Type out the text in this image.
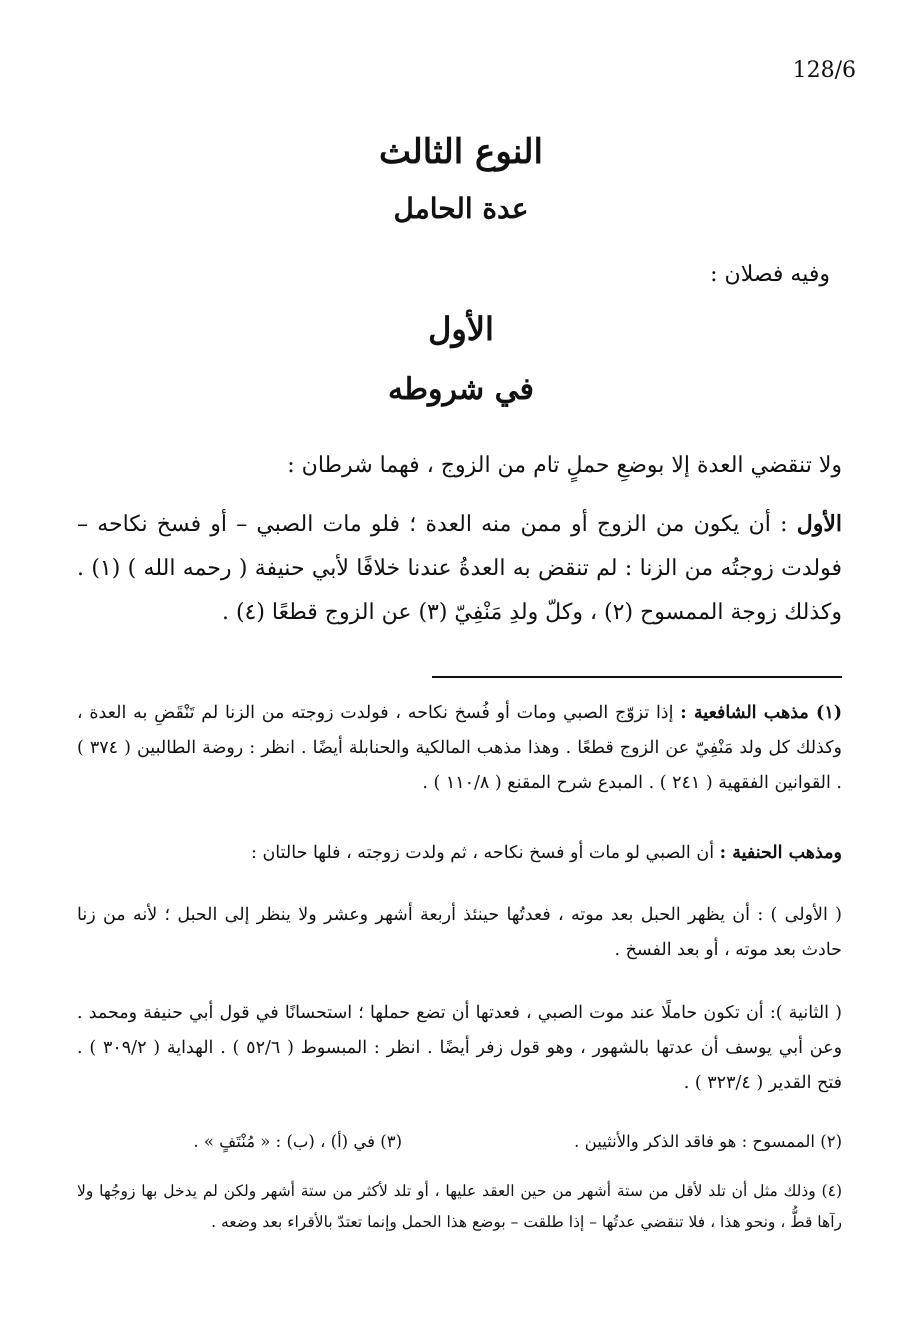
128/6
النوع الثالث
عدة الحامل
وفيه فصلان :
الأول
في شروطه
ولا تنقضي العدة إلا بوضعِ حملٍ تام من الزوج ، فهما شرطان :
الأول : أن يكون من الزوج أو ممن منه العدة ؛ فلو مات الصبي – أو فسخ نكاحه – فولدت زوجتُه من الزنا : لم تنقض به العدةُ عندنا خلافًا لأبي حنيفة ( رحمه الله ) (١) . وكذلك زوجة الممسوح (٢) ، وكلّ ولدِ مَنْفِيّ (٣) عن الزوج قطعًا (٤) .
(١) مذهب الشافعية : إذا تزوّج الصبي ومات أو فُسخ نكاحه ، فولدت زوجته من الزنا لم تَنْقَضِ به العدة ، وكذلك كل ولد مَنْفِيّ عن الزوج قطعًا . وهذا مذهب المالكية والحنابلة أيضًا . انظر : روضة الطالبين ( ٣٧٤ ) . القوانين الفقهية ( ٢٤١ ) . المبدع شرح المقنع ( ١١٠/٨ ) .
ومذهب الحنفية : أن الصبي لو مات أو فسخ نكاحه ، ثم ولدت زوجته ، فلها حالتان :
( الأولى ) : أن يظهر الحبل بعد موته ، فعدتُها حينئذ أربعة أشهر وعشر ولا ينظر إلى الحبل ؛ لأنه من زنا حادث بعد موته ، أو بعد الفسخ .
( الثانية ): أن تكون حاملًا عند موت الصبي ، فعدتها أن تضع حملها ؛ استحسانًا في قول أبي حنيفة ومحمد . وعن أبي يوسف أن عدتها بالشهور ، وهو قول زفر أيضًا . انظر : المبسوط ( ٥٢/٦ ) . الهداية ( ٣٠٩/٢ ) . فتح القدير ( ٣٢٣/٤ ) .
(٢) الممسوح : هو فاقد الذكر والأنثيين .
(٣) في (أ) ، (ب) : « مُنْتَفٍ » .
(٤) وذلك مثل أن تلد لأقل من ستة أشهر من حين العقد عليها ، أو تلد لأكثر من ستة أشهر ولكن لم يدخل بها زوجُها ولا رآها قطُّ ، ونحو هذا ، فلا تنقضي عدتُها – إذا طلقت – بوضع هذا الحمل وإنما تعتدّ بالأقراء بعد وضعه .
